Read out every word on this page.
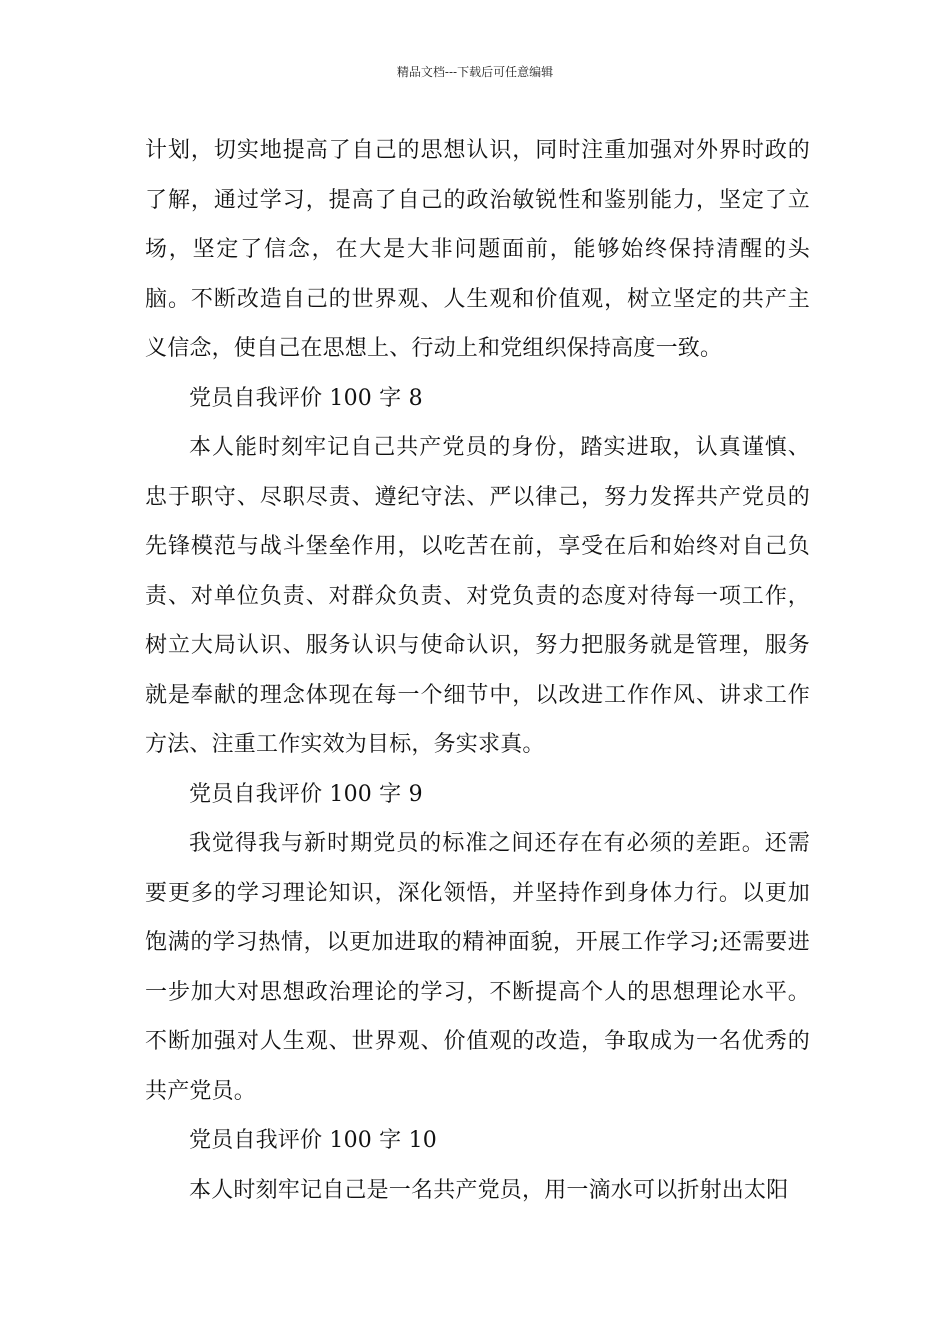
精品文档---下载后可任意编辑

计划，切实地提高了自己的思想认识，同时注重加强对外界时政的了解，通过学习，提高了自己的政治敏锐性和鉴别能力，坚定了立场，坚定了信念，在大是大非问题面前，能够始终保持清醒的头脑。不断改造自己的世界观、人生观和价值观，树立坚定的共产主义信念，使自己在思想上、行动上和党组织保持高度一致。

党员自我评价 100 字 8

本人能时刻牢记自己共产党员的身份，踏实进取，认真谨慎、忠于职守、尽职尽责、遵纪守法、严以律己，努力发挥共产党员的先锋模范与战斗堡垒作用，以吃苦在前，享受在后和始终对自己负责、对单位负责、对群众负责、对党负责的态度对待每一项工作，树立大局认识、服务认识与使命认识，努力把服务就是管理，服务就是奉献的理念体现在每一个细节中，以改进工作作风、讲求工作方法、注重工作实效为目标，务实求真。

党员自我评价 100 字 9

我觉得我与新时期党员的标准之间还存在有必须的差距。还需要更多的学习理论知识，深化领悟，并坚持作到身体力行。以更加饱满的学习热情，以更加进取的精神面貌，开展工作学习;还需要进一步加大对思想政治理论的学习，不断提高个人的思想理论水平。不断加强对人生观、世界观、价值观的改造，争取成为一名优秀的共产党员。

党员自我评价 100 字 10

本人时刻牢记自己是一名共产党员，用一滴水可以折射出太阳
